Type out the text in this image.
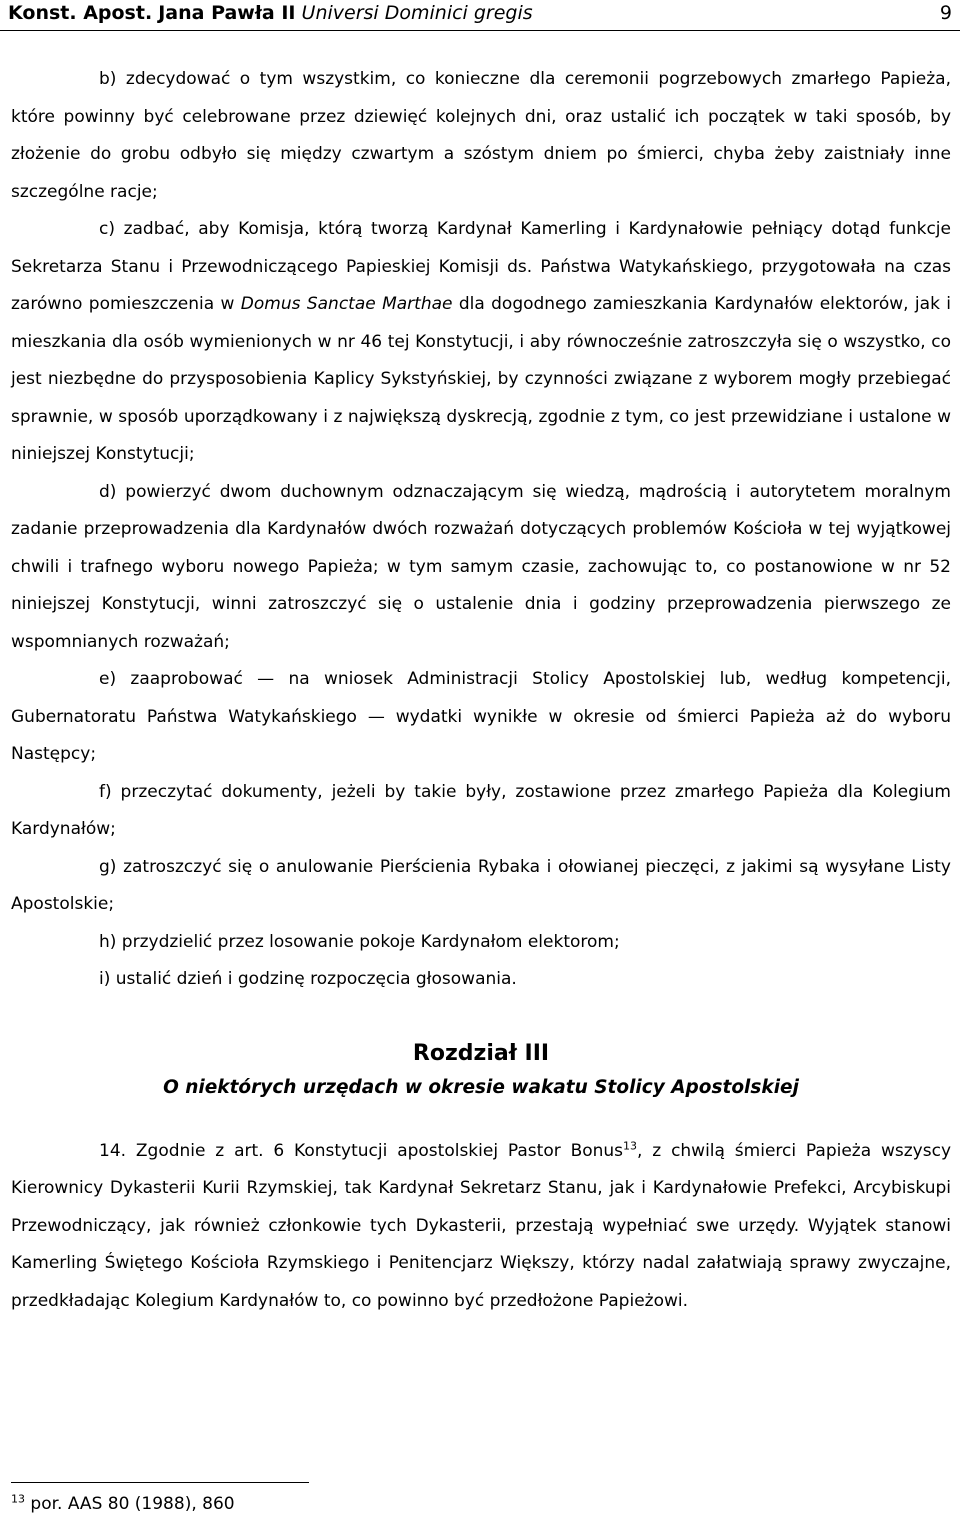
Konst. Apost. Jana Pawła II Universi Dominici gregis	9

b) zdecydować o tym wszystkim, co konieczne dla ceremonii pogrzebowych zmarłego Papieża, które powinny być celebrowane przez dziewięć kolejnych dni, oraz ustalić ich początek w taki sposób, by złożenie do grobu odbyło się między czwartym a szóstym dniem po śmierci, chyba żeby zaistniały inne szczególne racje;

c) zadbać, aby Komisja, którą tworzą Kardynał Kamerling i Kardynałowie pełniący dotąd funkcje Sekretarza Stanu i Przewodniczącego Papieskiej Komisji ds. Państwa Watykańskiego, przygotowała na czas zarówno pomieszczenia w Domus Sanctae Marthae dla dogodnego zamieszkania Kardynałów elektorów, jak i mieszkania dla osób wymienionych w nr 46 tej Konstytucji, i aby równocześnie zatroszczyła się o wszystko, co jest niezbędne do przysposobienia Kaplicy Sykstyńskiej, by czynności związane z wyborem mogły przebiegać sprawnie, w sposób uporządkowany i z największą dyskrecją, zgodnie z tym, co jest przewidziane i ustalone w niniejszej Konstytucji;

d) powierzyć dwom duchownym odznaczającym się wiedzą, mądrością i autorytetem moralnym zadanie przeprowadzenia dla Kardynałów dwóch rozważań dotyczących problemów Kościoła w tej wyjątkowej chwili i trafnego wyboru nowego Papieża; w tym samym czasie, zachowując to, co postanowione w nr 52 niniejszej Konstytucji, winni zatroszczyć się o ustalenie dnia i godziny przeprowadzenia pierwszego ze wspomnianych rozważań;

e) zaaprobować — na wniosek Administracji Stolicy Apostolskiej lub, według kompetencji, Gubernatoratu Państwa Watykańskiego — wydatki wynikłe w okresie od śmierci Papieża aż do wyboru Następcy;

f) przeczytać dokumenty, jeżeli by takie były, zostawione przez zmarłego Papieża dla Kolegium Kardynałów;

g) zatroszczyć się o anulowanie Pierścienia Rybaka i ołowianej pieczęci, z jakimi są wysyłane Listy Apostolskie;

h) przydzielić przez losowanie pokoje Kardynałom elektorom;

i) ustalić dzień i godzinę rozpoczęcia głosowania.

Rozdział III
O niektórych urzędach w okresie wakatu Stolicy Apostolskiej

14. Zgodnie z art. 6 Konstytucji apostolskiej Pastor Bonus$^{13}$, z chwilą śmierci Papieża wszyscy Kierownicy Dykasterii Kurii Rzymskiej, tak Kardynał Sekretarz Stanu, jak i Kardynałowie Prefekci, Arcybiskupi Przewodniczący, jak również członkowie tych Dykasterii, przestają wypełniać swe urzędy. Wyjątek stanowi Kamerling Świętego Kościoła Rzymskiego i Penitencjarz Większy, którzy nadal załatwiają sprawy zwyczajne, przedkładając Kolegium Kardynałów to, co powinno być przedłożone Papieżowi.

$^{13}$ por. AAS 80 (1988), 860
